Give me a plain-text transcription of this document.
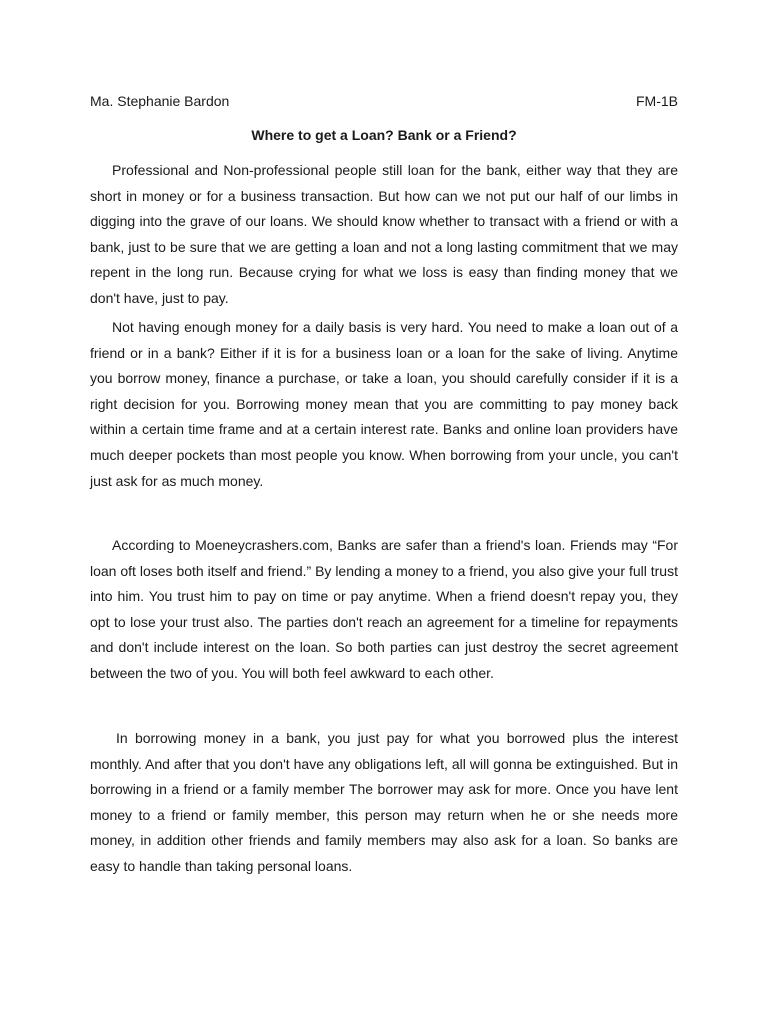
Ma. Stephanie Bardon	FM-1B
Where to get a Loan? Bank or a Friend?

Professional and Non-professional people still loan for the bank, either way that they are short in money or for a business transaction. But how can we not put our half of our limbs in digging into the grave of our loans. We should know whether to transact with a friend or with a bank, just to be sure that we are getting a loan and not a long lasting commitment that we may repent in the long run. Because crying for what we loss is easy than finding money that we don't have, just to pay.

Not having enough money for a daily basis is very hard. You need to make a loan out of a friend or in a bank? Either if it is for a business loan or a loan for the sake of living. Anytime you borrow money, finance a purchase, or take a loan, you should carefully consider if it is a right decision for you. Borrowing money mean that you are committing to pay money back within a certain time frame and at a certain interest rate. Banks and online loan providers have much deeper pockets than most people you know. When borrowing from your uncle, you can't just ask for as much money.

According to Moeneycrashers.com, Banks are safer than a friend's loan. Friends may “For loan oft loses both itself and friend.” By lending a money to a friend, you also give your full trust into him. You trust him to pay on time or pay anytime. When a friend doesn't repay you, they opt to lose your trust also. The parties don't reach an agreement for a timeline for repayments and don't include interest on the loan. So both parties can just destroy the secret agreement between the two of you. You will both feel awkward to each other.

In borrowing money in a bank, you just pay for what you borrowed plus the interest monthly. And after that you don't have any obligations left, all will gonna be extinguished. But in borrowing in a friend or a family member The borrower may ask for more. Once you have lent money to a friend or family member, this person may return when he or she needs more money, in addition other friends and family members may also ask for a loan. So banks are easy to handle than taking personal loans.
